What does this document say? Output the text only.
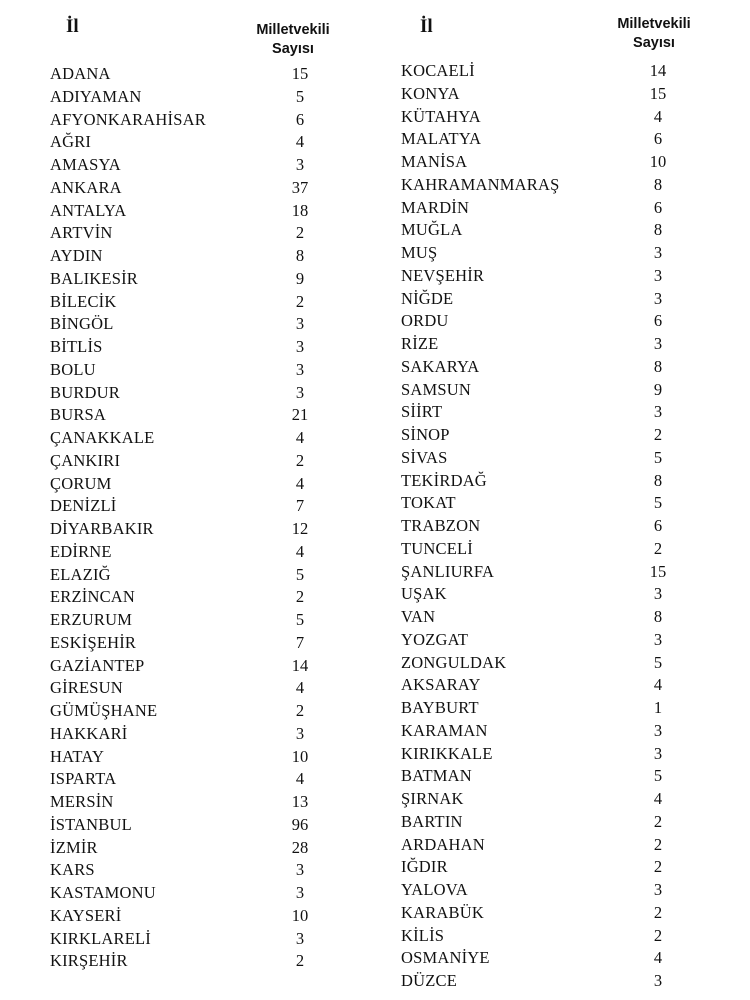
İl	Milletvekili
Sayısı
İl	Milletvekili
Sayısı
ADANA	15
ADIYAMAN	5
AFYONKARAHİSAR	6
AĞRI	4
AMASYA	3
ANKARA	37
ANTALYA	18
ARTVİN	2
AYDIN	8
BALIKESİR	9
BİLECİK	2
BİNGÖL	3
BİTLİS	3
BOLU	3
BURDUR	3
BURSA	21
ÇANAKKALE	4
ÇANKIRI	2
ÇORUM	4
DENİZLİ	7
DİYARBAKIR	12
EDİRNE	4
ELAZIĞ	5
ERZİNCAN	2
ERZURUM	5
ESKİŞEHİR	7
GAZİANTEP	14
GİRESUN	4
GÜMÜŞHANE	2
HAKKARİ	3
HATAY	10
ISPARTA	4
MERSİN	13
İSTANBUL	96
İZMİR	28
KARS	3
KASTAMONU	3
KAYSERİ	10
KIRKLARELİ	3
KIRŞEHİR	2
KOCAELİ	14
KONYA	15
KÜTAHYA	4
MALATYA	6
MANİSA	10
KAHRAMANMARAŞ	8
MARDİN	6
MUĞLA	8
MUŞ	3
NEVŞEHİR	3
NİĞDE	3
ORDU	6
RİZE	3
SAKARYA	8
SAMSUN	9
SİİRT	3
SİNOP	2
SİVAS	5
TEKİRDAĞ	8
TOKAT	5
TRABZON	6
TUNCELİ	2
ŞANLIURFA	15
UŞAK	3
VAN	8
YOZGAT	3
ZONGULDAK	5
AKSARAY	4
BAYBURT	1
KARAMAN	3
KIRIKKALE	3
BATMAN	5
ŞIRNAK	4
BARTIN	2
ARDAHAN	2
IĞDIR	2
YALOVA	3
KARABÜK	2
KİLİS	2
OSMANİYE	4
DÜZCE	3
